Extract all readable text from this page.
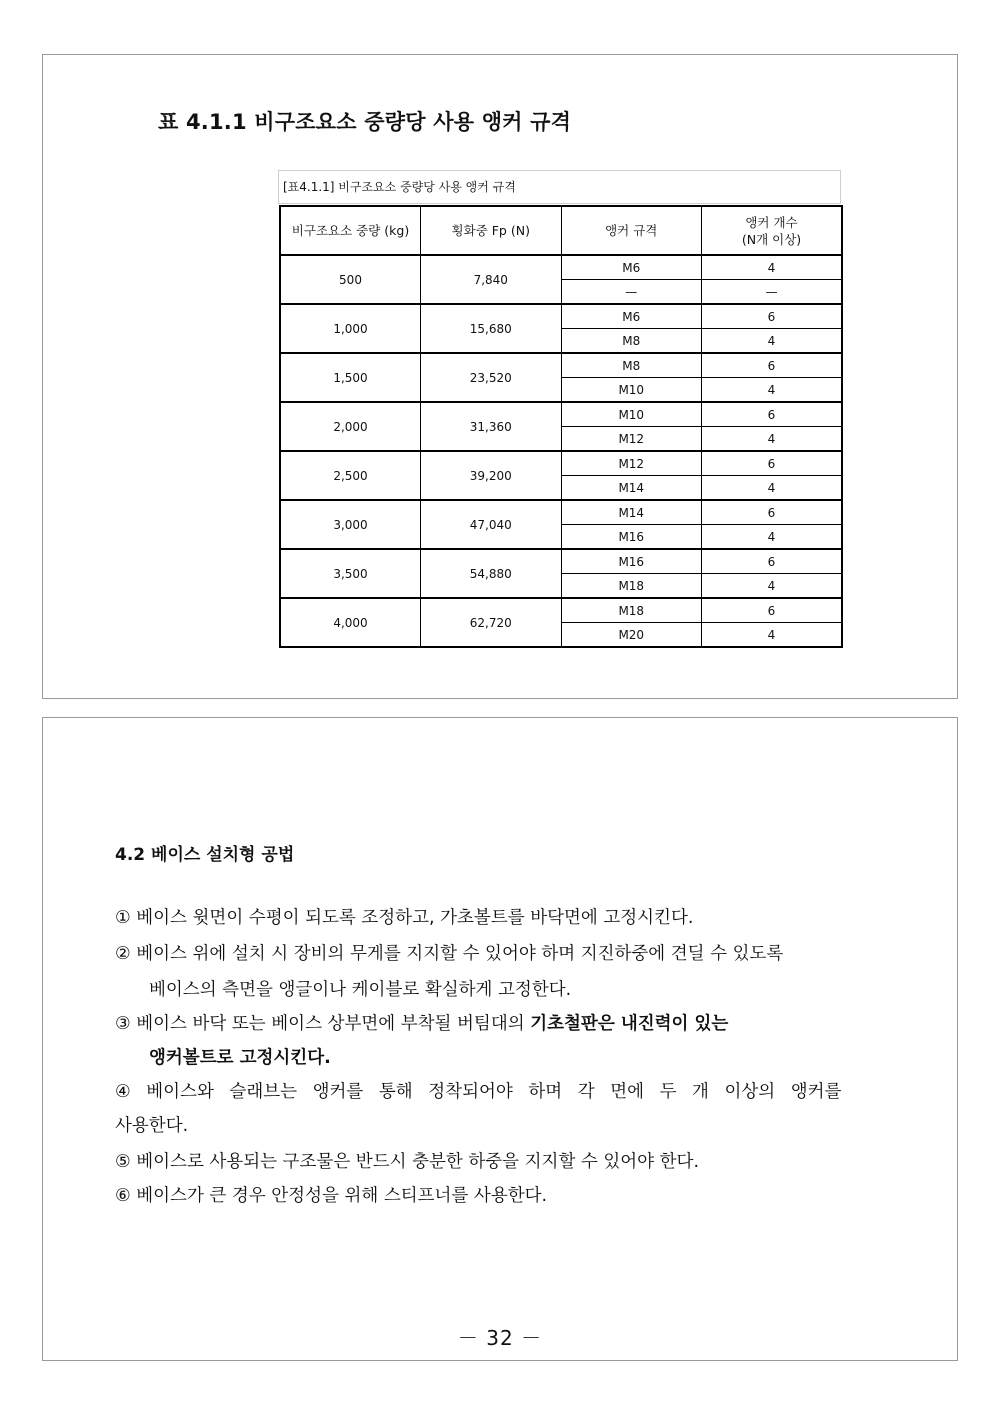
표 4.1.1 비구조요소 중량당 사용 앵커 규격
[표4.1.1] 비구조요소 중량당 사용 앵커 규격
비구조요소 중량 (kg)	횡화중 Fp (N)	앵커 규격	앵커 개수
(N개 이상)
500	7,840	M6	4
		—	—
1,000	15,680	M6	6
		M8	4
1,500	23,520	M8	6
		M10	4
2,000	31,360	M10	6
		M12	4
2,500	39,200	M12	6
		M14	4
3,000	47,040	M14	6
		M16	4
3,500	54,880	M16	6
		M18	4
4,000	62,720	M18	6
		M20	4
4.2 베이스 설치형 공법
① 베이스 윗면이 수평이 되도록 조정하고, 가초볼트를 바닥면에 고정시킨다.
② 베이스 위에 설치 시 장비의 무게를 지지할 수 있어야 하며 지진하중에 견딜 수 있도록
베이스의 측면을 앵글이나 케이블로 확실하게 고정한다.
③ 베이스 바닥 또는 베이스 상부면에 부착될 버팀대의 기초철판은 내진력이 있는
앵커볼트로 고정시킨다.
④ 베이스와 슬래브는 앵커를 통해 정착되어야 하며 각 면에 두 개 이상의 앵커를
사용한다.
⑤ 베이스로 사용되는 구조물은 반드시 충분한 하중을 지지할 수 있어야 한다.
⑥ 베이스가 큰 경우 안정성을 위해 스티프너를 사용한다.
－ 32 －
